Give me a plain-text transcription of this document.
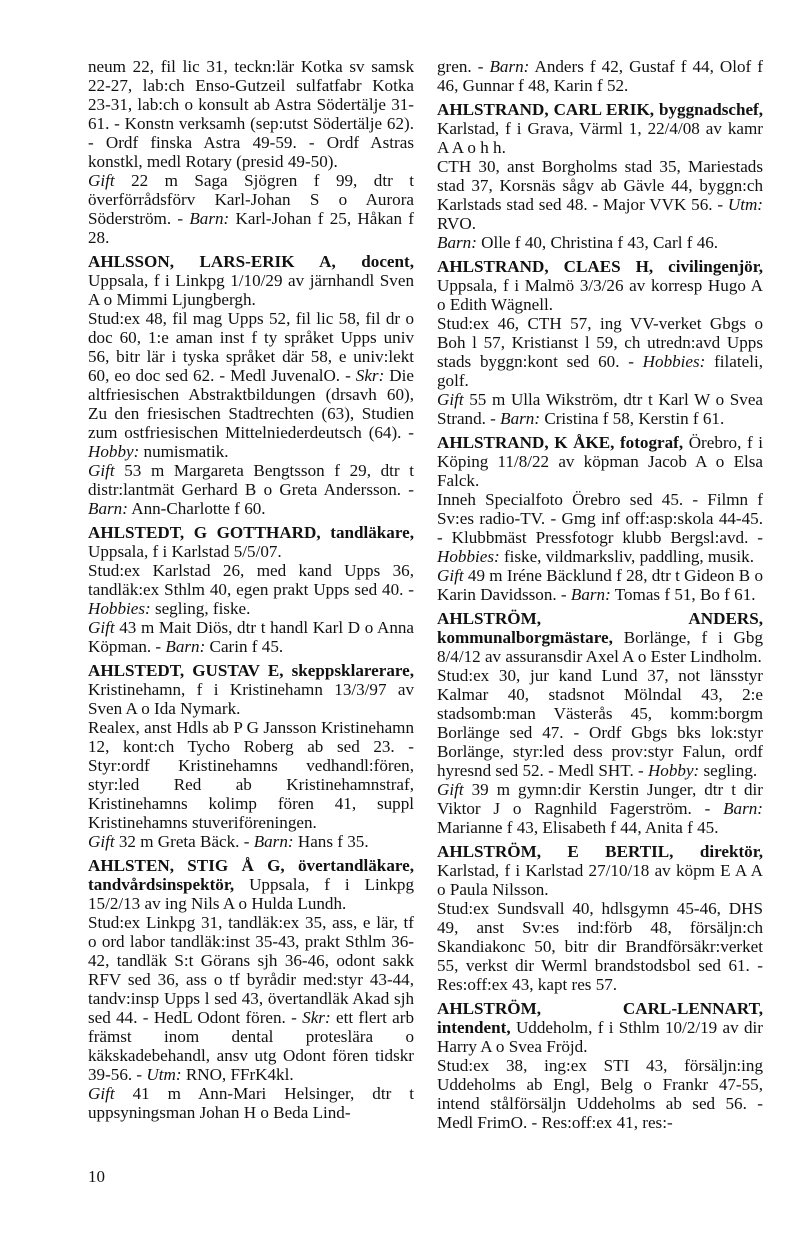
neum 22, fil lic 31, teckn:lär Kotka sv samsk 22-27, lab:ch Enso-Gutzeil sulfatfabr Kotka 23-31, lab:ch o konsult ab Astra Södertälje 31-61. - Konstn verksamh (sep:utst Södertälje 62). - Ordf finska Astra 49-59. - Ordf Astras konstkl, medl Rotary (presid 49-50).

Gift 22 m Saga Sjögren f 99, dtr t överförrådsförv Karl-Johan S o Aurora Söderström. - Barn: Karl-Johan f 25, Håkan f 28.

AHLSSON, LARS-ERIK A, docent, Uppsala, f i Linkpg 1/10/29 av järnhandl Sven A o Mimmi Ljungbergh.

Stud:ex 48, fil mag Upps 52, fil lic 58, fil dr o doc 60, 1:e aman inst f ty språket Upps univ 56, bitr lär i tyska språket där 58, e univ:lekt 60, eo doc sed 62. - Medl JuvenalO. - Skr: Die altfriesischen Abstraktbildungen (drsavh 60), Zu den friesischen Stadtrechten (63), Studien zum ostfriesischen Mittelniederdeutsch (64). - Hobby: numismatik.

Gift 53 m Margareta Bengtsson f 29, dtr t distr:lantmät Gerhard B o Greta Andersson. - Barn: Ann-Charlotte f 60.

AHLSTEDT, G GOTTHARD, tandläkare, Uppsala, f i Karlstad 5/5/07.

Stud:ex Karlstad 26, med kand Upps 36, tandläk:ex Sthlm 40, egen prakt Upps sed 40. - Hobbies: segling, fiske.

Gift 43 m Mait Diös, dtr t handl Karl D o Anna Köpman. - Barn: Carin f 45.

AHLSTEDT, GUSTAV E, skeppsklarerare, Kristinehamn, f i Kristinehamn 13/3/97 av Sven A o Ida Nymark.

Realex, anst Hdls ab P G Jansson Kristinehamn 12, kont:ch Tycho Roberg ab sed 23. - Styr:ordf Kristinehamns vedhandl:fören, styr:led Red ab Kristinehamnstraf, Kristinehamns kolimp fören 41, suppl Kristinehamns stuveriföreningen.

Gift 32 m Greta Bäck. - Barn: Hans f 35.

AHLSTEN, STIG Å G, övertandläkare, tandvårdsinspektör, Uppsala, f i Linkpg 15/2/13 av ing Nils A o Hulda Lundh.

Stud:ex Linkpg 31, tandläk:ex 35, ass, e lär, tf o ord labor tandläk:inst 35-43, prakt Sthlm 36-42, tandläk S:t Görans sjh 36-46, odont sakk RFV sed 36, ass o tf byrådir med:styr 43-44, tandv:insp Upps l sed 43, övertandläk Akad sjh sed 44. - HedL Odont fören. - Skr: ett flert arb främst inom dental proteslära o käkskadebehandl, ansv utg Odont fören tidskr 39-56. - Utm: RNO, FFrK4kl.

Gift 41 m Ann-Mari Helsinger, dtr t uppsyningsman Johan H o Beda Lind-

gren. - Barn: Anders f 42, Gustaf f 44, Olof f 46, Gunnar f 48, Karin f 52.

AHLSTRAND, CARL ERIK, byggnadschef, Karlstad, f i Grava, Värml 1, 22/4/08 av kamr A A o h h.

CTH 30, anst Borgholms stad 35, Mariestads stad 37, Korsnäs sågv ab Gävle 44, byggn:ch Karlstads stad sed 48. - Major VVK 56. - Utm: RVO.

Barn: Olle f 40, Christina f 43, Carl f 46.

AHLSTRAND, CLAES H, civilingenjör, Uppsala, f i Malmö 3/3/26 av korresp Hugo A o Edith Wägnell.

Stud:ex 46, CTH 57, ing VV-verket Gbgs o Boh l 57, Kristianst l 59, ch utredn:avd Upps stads byggn:kont sed 60. - Hobbies: filateli, golf.

Gift 55 m Ulla Wikström, dtr t Karl W o Svea Strand. - Barn: Cristina f 58, Kerstin f 61.

AHLSTRAND, K ÅKE, fotograf, Örebro, f i Köping 11/8/22 av köpman Jacob A o Elsa Falck.

Inneh Specialfoto Örebro sed 45. - Filmn f Sv:es radio-TV. - Gmg inf off:asp:skola 44-45. - Klubbmäst Pressfotogr klubb Bergsl:avd. - Hobbies: fiske, vildmarksliv, paddling, musik.

Gift 49 m Iréne Bäcklund f 28, dtr t Gideon B o Karin Davidsson. - Barn: Tomas f 51, Bo f 61.

AHLSTRÖM, ANDERS, kommunalborgmästare, Borlänge, f i Gbg 8/4/12 av assuransdir Axel A o Ester Lindholm.

Stud:ex 30, jur kand Lund 37, not länsstyr Kalmar 40, stadsnot Mölndal 43, 2:e stadsomb:man Västerås 45, komm:borgm Borlänge sed 47. - Ordf Gbgs bks lok:styr Borlänge, styr:led dess prov:styr Falun, ordf hyresnd sed 52. - Medl SHT. - Hobby: segling.

Gift 39 m gymn:dir Kerstin Junger, dtr t dir Viktor J o Ragnhild Fagerström. - Barn: Marianne f 43, Elisabeth f 44, Anita f 45.

AHLSTRÖM, E BERTIL, direktör, Karlstad, f i Karlstad 27/10/18 av köpm E A A o Paula Nilsson.

Stud:ex Sundsvall 40, hdlsgymn 45-46, DHS 49, anst Sv:es ind:förb 48, försäljn:ch Skandiakonc 50, bitr dir Brandförsäkr:verket 55, verkst dir Werml brandstodsbol sed 61. - Res:off:ex 43, kapt res 57.

AHLSTRÖM, CARL-LENNART, intendent, Uddeholm, f i Sthlm 10/2/19 av dir Harry A o Svea Fröjd.

Stud:ex 38, ing:ex STI 43, försäljn:ing Uddeholms ab Engl, Belg o Frankr 47-55, intend stålförsäljn Uddeholms ab sed 56. - Medl FrimO. - Res:off:ex 41, res:-

10
